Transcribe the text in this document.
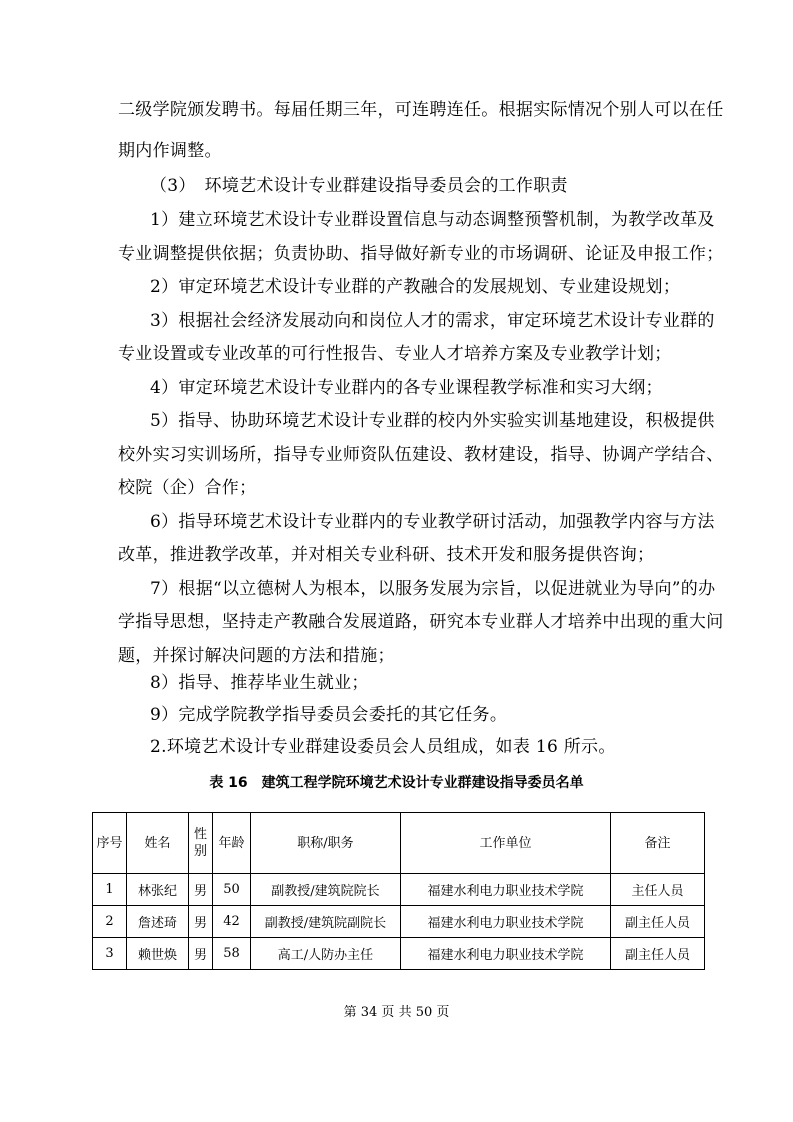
二级学院颁发聘书。每届任期三年，可连聘连任。根据实际情况个别人可以在任
期内作调整。
（3）　环境艺术设计专业群建设指导委员会的工作职责
1）建立环境艺术设计专业群设置信息与动态调整预警机制，为教学改革及
专业调整提供依据；负责协助、指导做好新专业的市场调研、论证及申报工作；
2）审定环境艺术设计专业群的产教融合的发展规划、专业建设规划；
3）根据社会经济发展动向和岗位人才的需求，审定环境艺术设计专业群的
专业设置或专业改革的可行性报告、专业人才培养方案及专业教学计划；
4）审定环境艺术设计专业群内的各专业课程教学标准和实习大纲；
5）指导、协助环境艺术设计专业群的校内外实验实训基地建设，积极提供
校外实习实训场所，指导专业师资队伍建设、教材建设，指导、协调产学结合、
校院（企）合作；
6）指导环境艺术设计专业群内的专业教学研讨活动，加强教学内容与方法
改革，推进教学改革，并对相关专业科研、技术开发和服务提供咨询；
7）根据“以立德树人为根本，以服务发展为宗旨，以促进就业为导向”的办
学指导思想，坚持走产教融合发展道路，研究本专业群人才培养中出现的重大问
题，并探讨解决问题的方法和措施；
8）指导、推荐毕业生就业；
9）完成学院教学指导委员会委托的其它任务。
2.环境艺术设计专业群建设委员会人员组成，如表 16 所示。
表 16　建筑工程学院环境艺术设计专业群建设指导委员名单
序号	姓名	性别	年龄	职称/职务	工作单位	备注
1	林张纪	男	50	副教授/建筑院院长	福建水利电力职业技术学院	主任人员
2	詹述琦	男	42	副教授/建筑院副院长	福建水利电力职业技术学院	副主任人员
3	赖世焕	男	58	高工/人防办主任	福建水利电力职业技术学院	副主任人员
第 34 页 共 50 页
